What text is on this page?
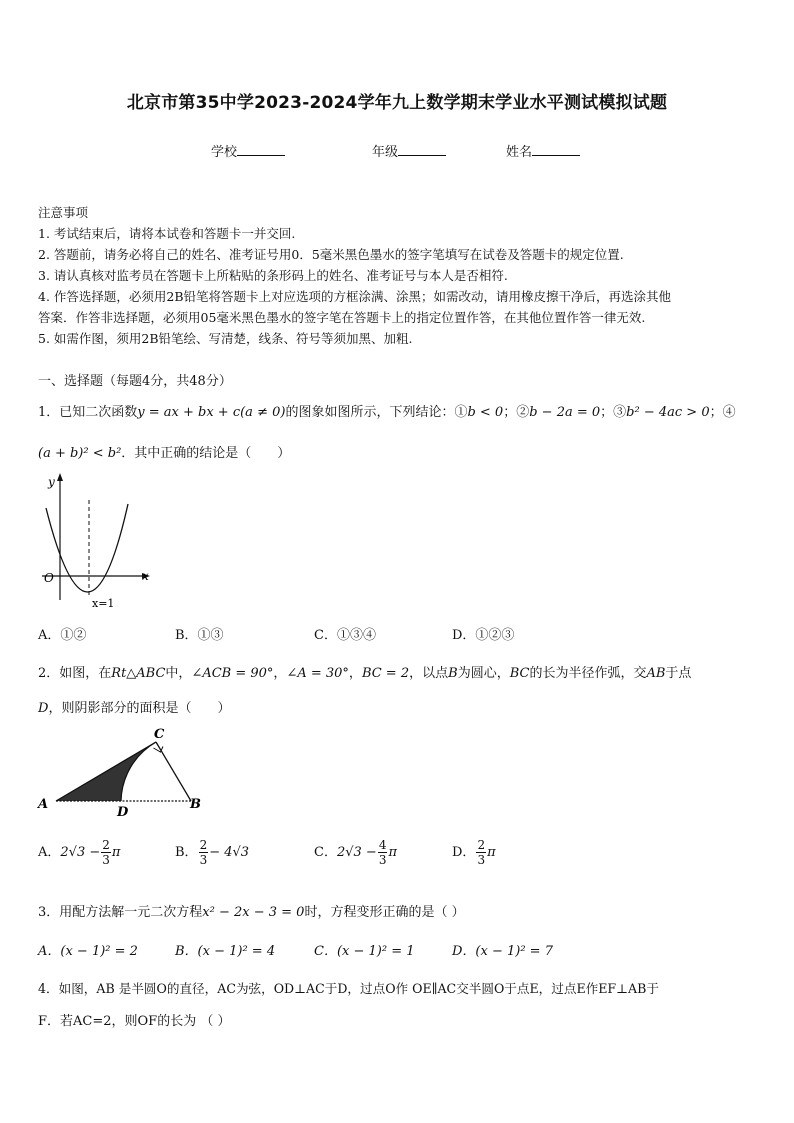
北京市第35中学2023-2024学年九上数学期末学业水平测试模拟试题
学校	年级	姓名
注意事项
1. 考试结束后，请将本试卷和答题卡一并交回.
2. 答题前，请务必将自己的姓名、准考证号用0．5毫米黑色墨水的签字笔填写在试卷及答题卡的规定位置.
3. 请认真核对监考员在答题卡上所粘贴的条形码上的姓名、准考证号与本人是否相符.
4. 作答选择题，必须用2B铅笔将答题卡上对应选项的方框涂满、涂黑；如需改动，请用橡皮擦干净后，再选涂其他
答案．作答非选择题，必须用05毫米黑色墨水的签字笔在答题卡上的指定位置作答，在其他位置作答一律无效.
5. 如需作图，须用2B铅笔绘、写清楚，线条、符号等须加黑、加粗.
一、选择题（每题4分，共48分）
1．已知二次函数y = ax + bx + c(a ≠ 0)的图象如图所示，下列结论：①b < 0；②b − 2a = 0；③b² − 4ac > 0；④
(a + b)² < b²．其中正确的结论是（　　）
y
O	x
x=1
A．①②	B．①③	C．①③④	D．①②③
2．如图，在Rt△ABC中，∠ACB = 90°，∠A = 30°，BC = 2，以点B为圆心，BC的长为半径作弧，交AB于点
D，则阴影部分的面积是（　　）
A	B
C
D
A．$2√3 - \frac{2}{3}$ π	B． $\frac{2}{3} - 4√3$	C．$2√3 - \frac{4}{3}$ π	D． $\frac{2}{3}$ π
3．用配方法解一元二次方程x² − 2x − 3 = 0时，方程变形正确的是（ ）
A．(x − 1)² = 2	B．(x − 1)² = 4	C．(x − 1)² = 1	D．(x − 1)² = 7
4．如图，AB 是半圆O的直径，AC为弦，OD⊥AC于D，过点O作 OE∥AC交半圆O于点E，过点E作EF⊥AB于
F．若AC=2，则OF的长为 （ ）
